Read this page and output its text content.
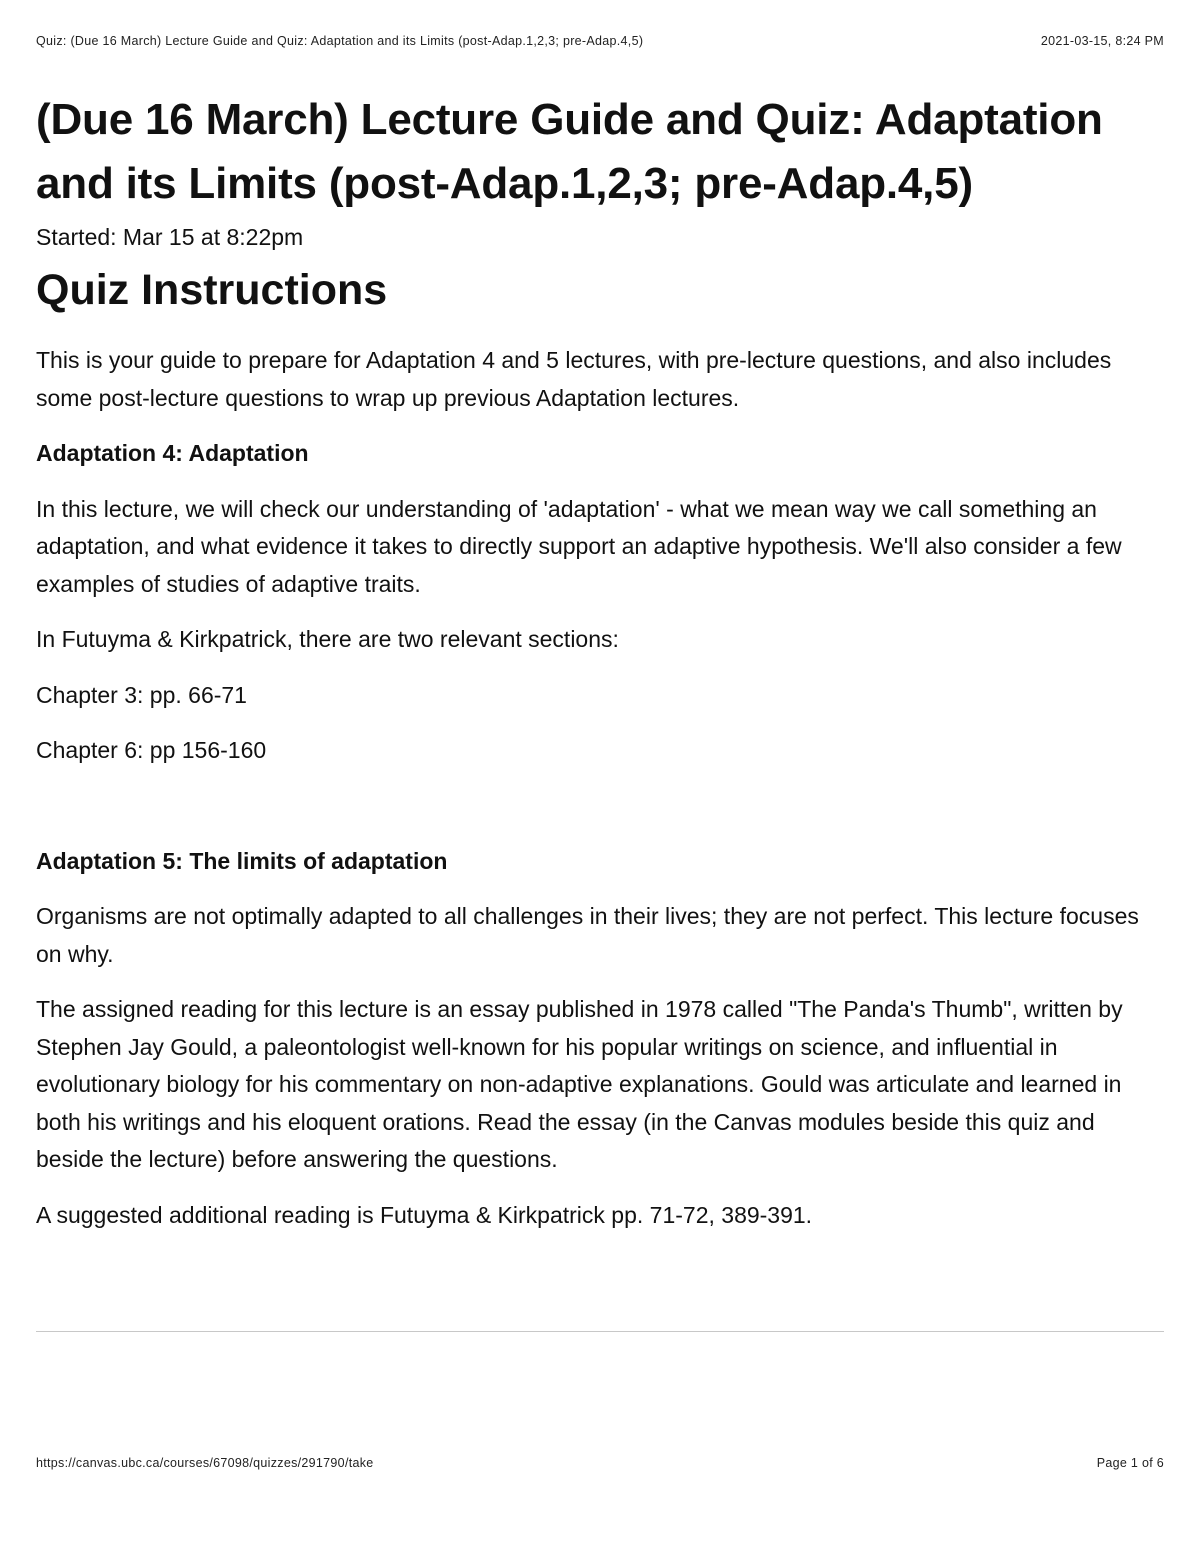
Quiz: (Due 16 March) Lecture Guide and Quiz: Adaptation and its Limits (post-Adap.1,2,3; pre-Adap.4,5)	2021-03-15, 8:24 PM
(Due 16 March) Lecture Guide and Quiz: Adaptation and its Limits (post-Adap.1,2,3; pre-Adap.4,5)
Started: Mar 15 at 8:22pm
Quiz Instructions

This is your guide to prepare for Adaptation 4 and 5 lectures, with pre-lecture questions, and also includes some post-lecture questions to wrap up previous Adaptation lectures.

Adaptation 4: Adaptation

In this lecture, we will check our understanding of 'adaptation' - what we mean way we call something an adaptation, and what evidence it takes to directly support an adaptive hypothesis. We'll also consider a few examples of studies of adaptive traits.

In Futuyma & Kirkpatrick, there are two relevant sections:

Chapter 3: pp. 66-71

Chapter 6: pp 156-160

Adaptation 5: The limits of adaptation

Organisms are not optimally adapted to all challenges in their lives; they are not perfect. This lecture focuses on why.

The assigned reading for this lecture is an essay published in 1978 called "The Panda's Thumb", written by Stephen Jay Gould, a paleontologist well-known for his popular writings on science, and influential in evolutionary biology for his commentary on non-adaptive explanations. Gould was articulate and learned in both his writings and his eloquent orations. Read the essay (in the Canvas modules beside this quiz and beside the lecture) before answering the questions.

A suggested additional reading is Futuyma & Kirkpatrick pp. 71-72, 389-391.

https://canvas.ubc.ca/courses/67098/quizzes/291790/take	Page 1 of 6
